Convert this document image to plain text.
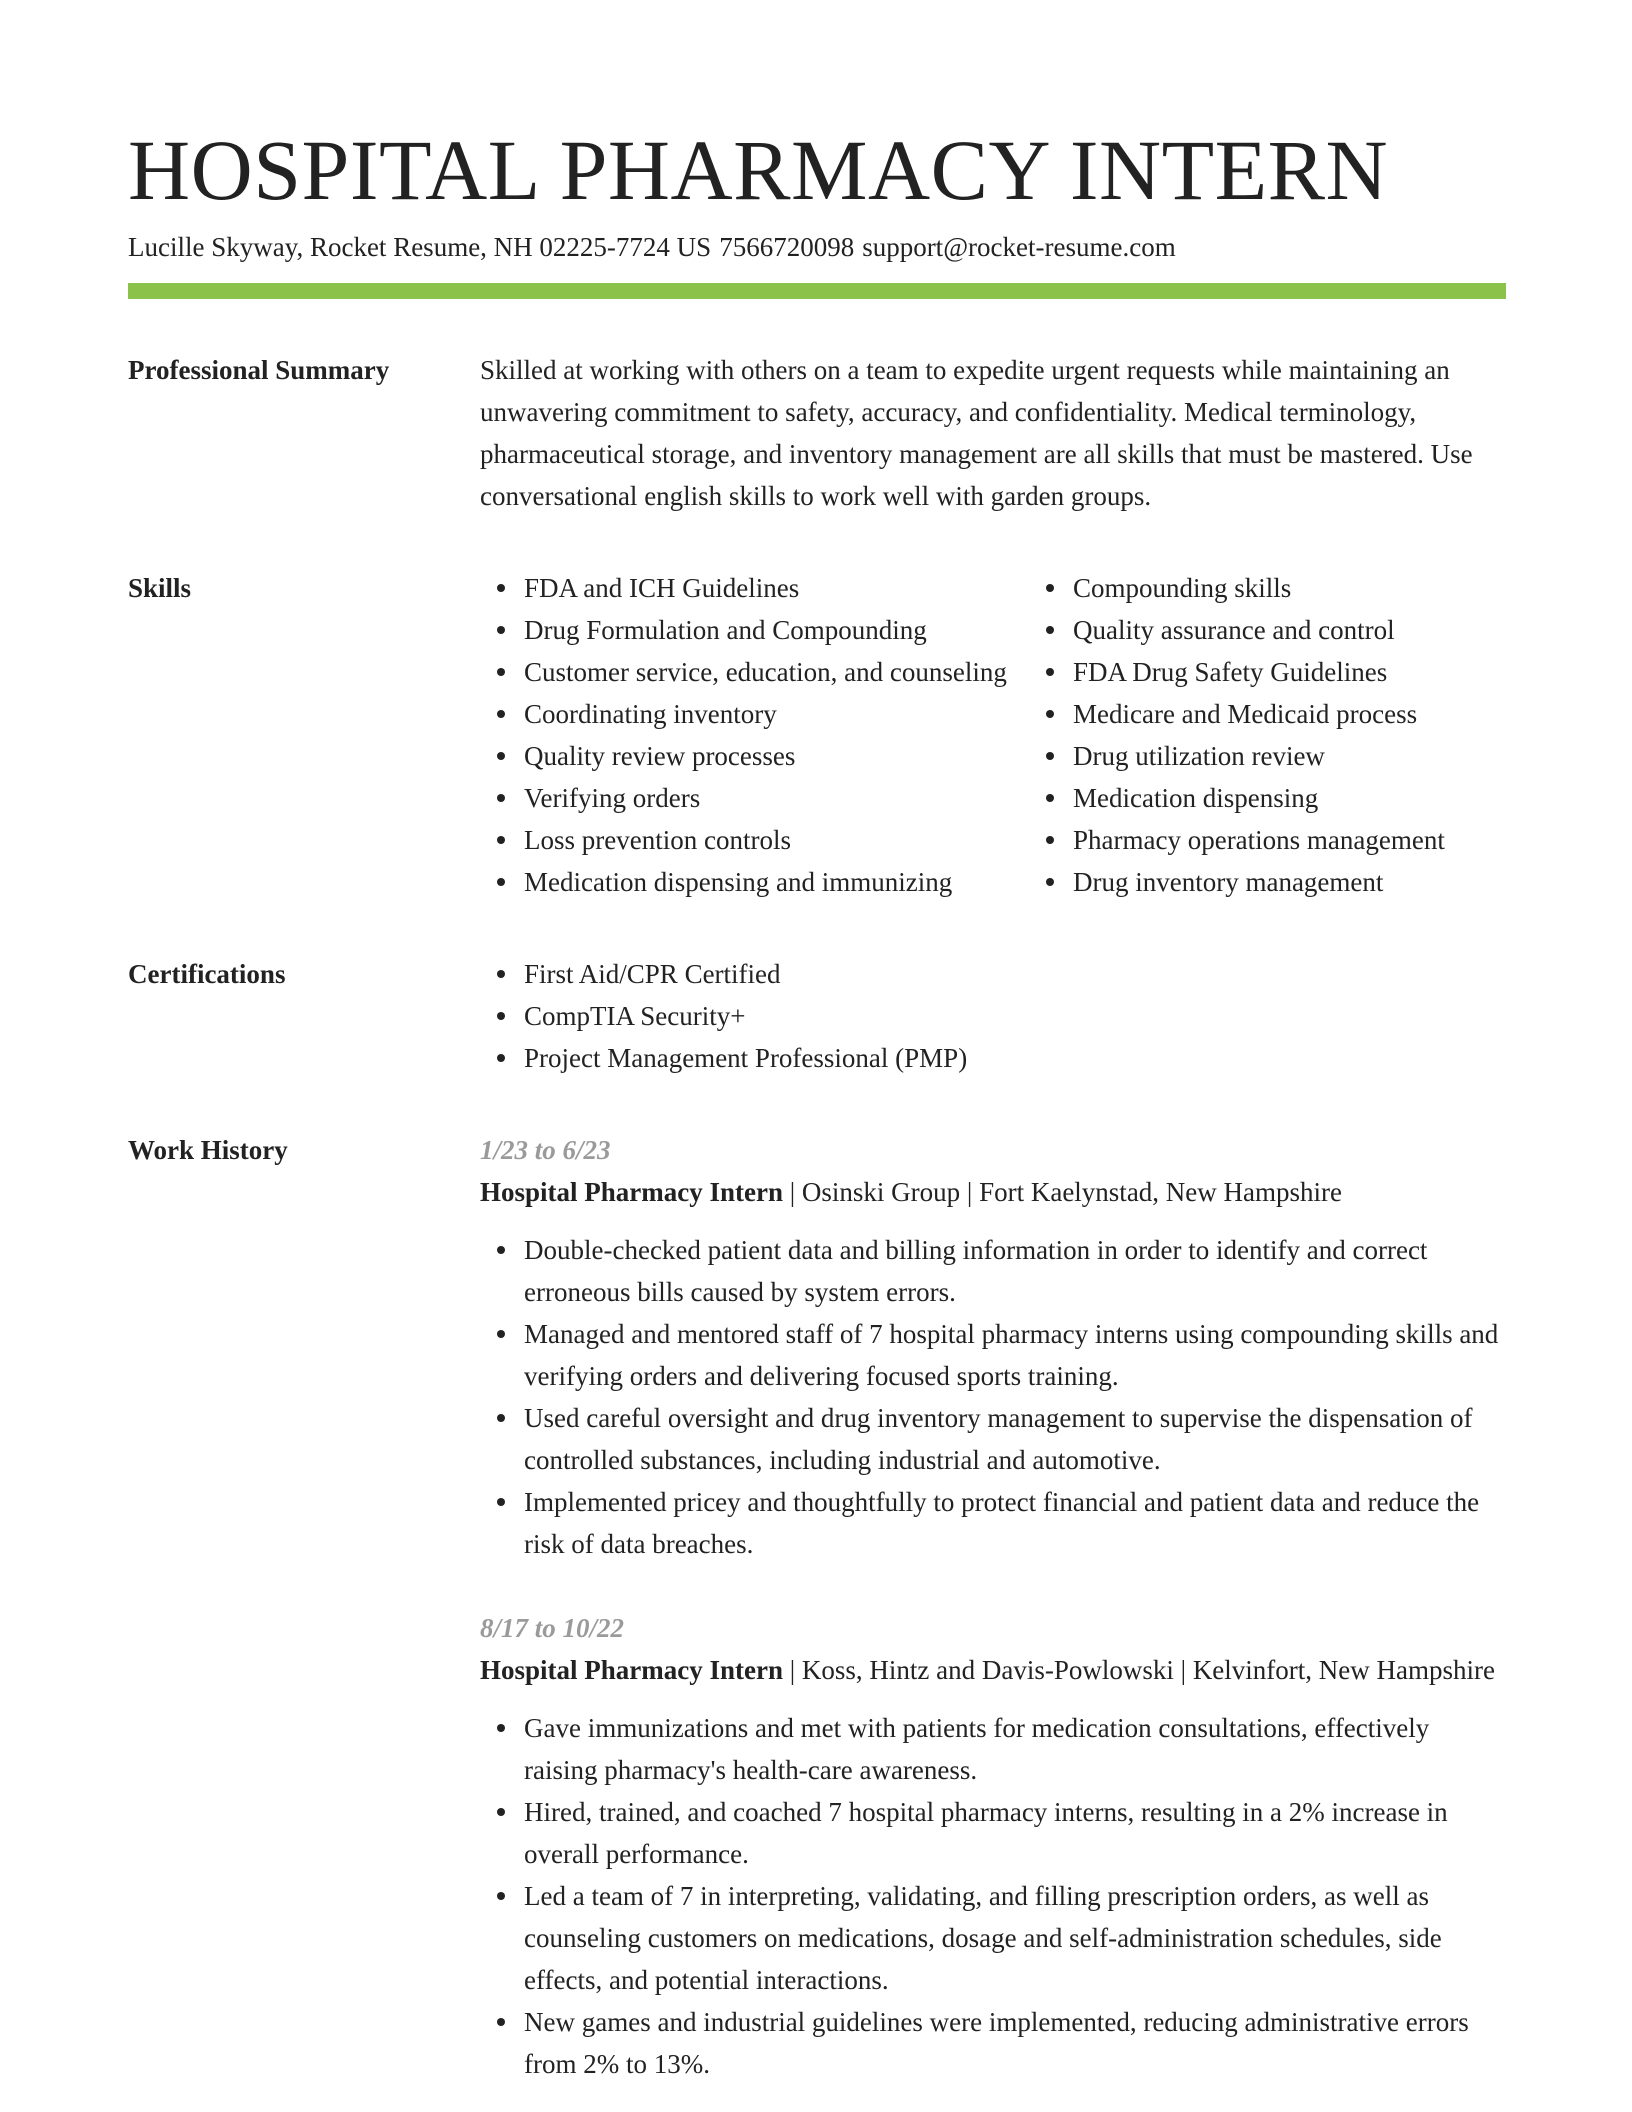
HOSPITAL PHARMACY INTERN
Lucille Skyway, Rocket Resume, NH 02225-7724 US 7566720098 support@rocket-resume.com
Professional Summary	Skilled at working with others on a team to expedite urgent requests while maintaining an unwavering commitment to safety, accuracy, and confidentiality. Medical terminology, pharmaceutical storage, and inventory management are all skills that must be mastered. Use conversational english skills to work well with garden groups.

Skills	FDA and ICH Guidelines
Drug Formulation and Compounding
Customer service, education, and counseling
Coordinating inventory
Quality review processes
Verifying orders
Loss prevention controls
Medication dispensing and immunizing
Compounding skills
Quality assurance and control
FDA Drug Safety Guidelines
Medicare and Medicaid process
Drug utilization review
Medication dispensing
Pharmacy operations management
Drug inventory management
Certifications	First Aid/CPR Certified
CompTIA Security+
Project Management Professional (PMP)
Work History	1/23 to 6/23
Hospital Pharmacy Intern | Osinski Group | Fort Kaelynstad, New Hampshire
Double-checked patient data and billing information in order to identify and correct erroneous bills caused by system errors.
Managed and mentored staff of 7 hospital pharmacy interns using compounding skills and verifying orders and delivering focused sports training.
Used careful oversight and drug inventory management to supervise the dispensation of controlled substances, including industrial and automotive.
Implemented pricey and thoughtfully to protect financial and patient data and reduce the risk of data breaches.
8/17 to 10/22
Hospital Pharmacy Intern | Koss, Hintz and Davis-Powlowski | Kelvinfort, New Hampshire
Gave immunizations and met with patients for medication consultations, effectively raising pharmacy's health-care awareness.
Hired, trained, and coached 7 hospital pharmacy interns, resulting in a 2% increase in overall performance.
Led a team of 7 in interpreting, validating, and filling prescription orders, as well as counseling customers on medications, dosage and self-administration schedules, side effects, and potential interactions.
New games and industrial guidelines were implemented, reducing administrative errors from 2% to 13%.
